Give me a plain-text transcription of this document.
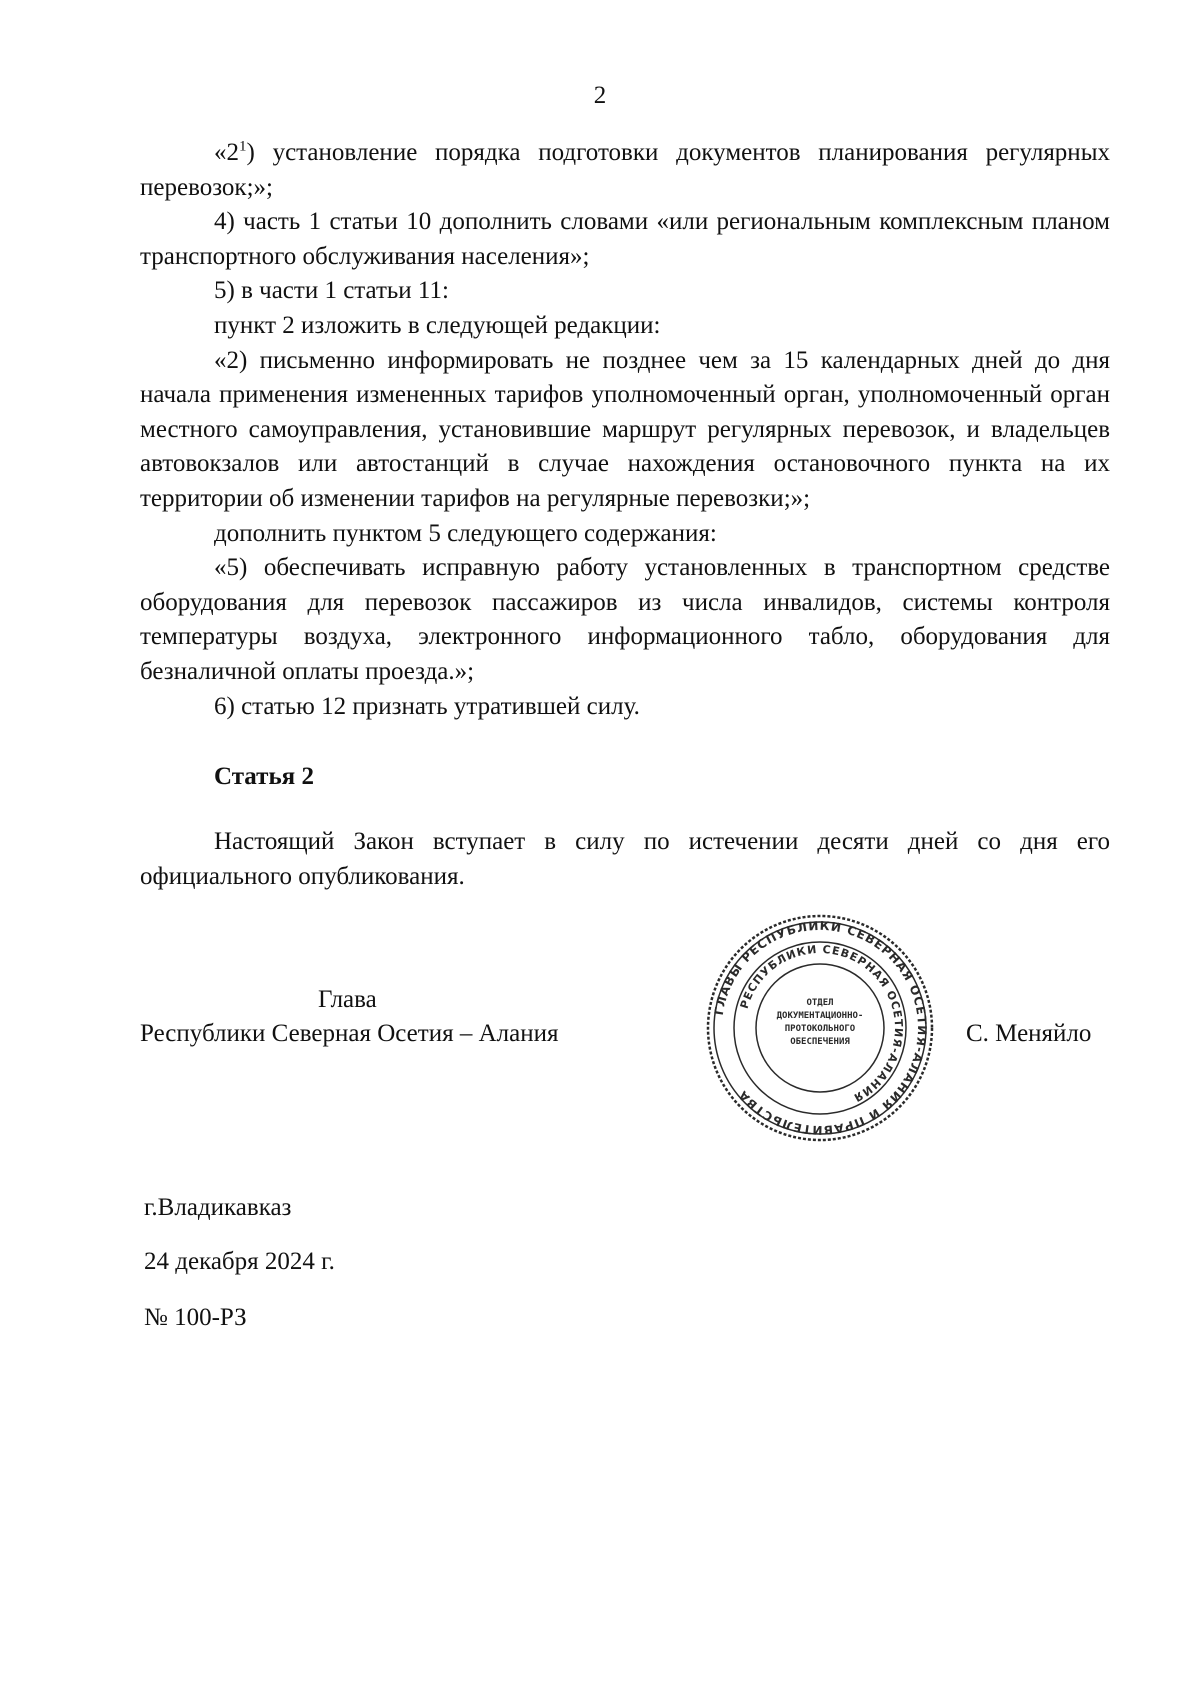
2

«$2^1$) установление порядка подготовки документов планирования регулярных перевозок;»;

4) часть 1 статьи 10 дополнить словами «или региональным комплексным планом транспортного обслуживания населения»;

5) в части 1 статьи 11:

пункт 2 изложить в следующей редакции:

«2) письменно информировать не позднее чем за 15 календарных дней до дня начала применения измененных тарифов уполномоченный орган, уполномоченный орган местного самоуправления, установившие маршрут регулярных перевозок, и владельцев автовокзалов или автостанций в случае нахождения остановочного пункта на их территории об изменении тарифов на регулярные перевозки;»;

дополнить пунктом 5 следующего содержания:

«5) обеспечивать исправную работу установленных в транспортном средстве оборудования для перевозок пассажиров из числа инвалидов, системы контроля температуры воздуха, электронного информационного табло, оборудования для безналичной оплаты проезда.»;

6) статью 12 признать утратившей силу.

Статья 2

Настоящий Закон вступает в силу по истечении десяти дней со дня его официального опубликования.

Глава
Республики Северная Осетия – Алания	С. Меняйло
ГЛАВЫ РЕСПУБЛИКИ СЕВЕРНАЯ ОСЕТИЯ-АЛАНИЯ И ПРАВИТЕЛЬСТВА
РЕСПУБЛИКИ СЕВЕРНАЯ ОСЕТИЯ-АЛАНИЯ
ОТДЕЛ ДОКУМЕНТАЦИОННО-ПРОТОКОЛЬНОГО ОБЕСПЕЧЕНИЯ
г.Владикавказ
24 декабря 2024 г.
№ 100-РЗ
